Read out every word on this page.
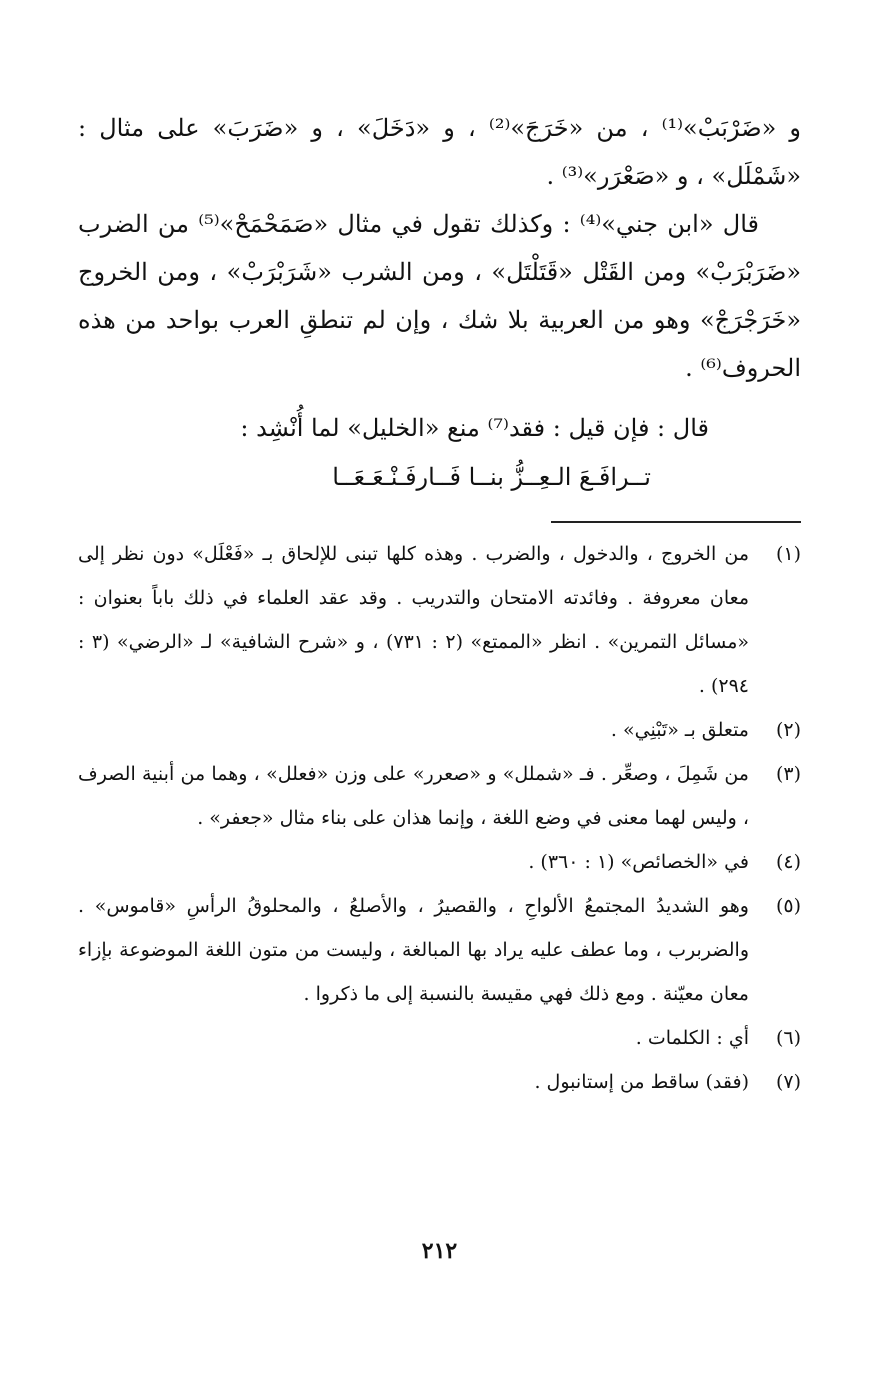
و «ضَرْبَبْ»⁽¹⁾ ، من «خَرَجَ»⁽²⁾ ، و «دَخَلَ» ، و «ضَرَبَ» على مثال : «شَمْلَل» ، و «صَعْرَر»⁽³⁾ .

قال «ابن جني»⁽⁴⁾ : وكذلك تقول في مثال «صَمَحْمَحْ»⁽⁵⁾ من الضرب «ضَرَبْرَبْ» ومن القَتْل «قَتَلْتَل» ، ومن الشرب «شَرَبْرَبْ» ، ومن الخروج «خَرَجْرَجْ» وهو من العربية بلا شك ، وإن لم تنطقِ العرب بواحد من هذه الحروف⁽⁶⁾ .

قال : فإن قيل : فقد⁽⁷⁾ منع «الخليل» لما أُنْشِد :

تــرافَـعَ الـعِــزُّ بنــا فَــارفَـنْـعَـعَــا

(١)
من الخروج ، والدخول ، والضرب . وهذه كلها تبنى للإلحاق بـ «فَعْلَل» دون نظر إلى معان معروفة . وفائدته الامتحان والتدريب . وقد عقد العلماء في ذلك باباً بعنوان : «مسائل التمرين» . انظر «الممتع» (٢ : ٧٣١) ، و «شرح الشافية» لـ «الرضي» (٣ : ٢٩٤) .
(٢)
متعلق بـ «تَبْنِي» .
(٣)
من شَمِلَ ، وصعِّر . فـ «شملل» و «صعرر» على وزن «فعلل» ، وهما من أبنية الصرف ، وليس لهما معنى في وضع اللغة ، وإنما هذان على بناء مثال «جعفر» .
(٤)
في «الخصائص» (١ : ٣٦٠) .
(٥)
وهو الشديدُ المجتمعُ الألواحِ ، والقصيرُ ، والأصلعُ ، والمحلوقُ الرأسِ «قاموس» . والضربرب ، وما عطف عليه يراد بها المبالغة ، وليست من متون اللغة الموضوعة بإزاء معان معيّنة . ومع ذلك فهي مقيسة بالنسبة إلى ما ذكروا .
(٦)
أي : الكلمات .
(٧)
(فقد) ساقط من إستانبول .
٢١٢
